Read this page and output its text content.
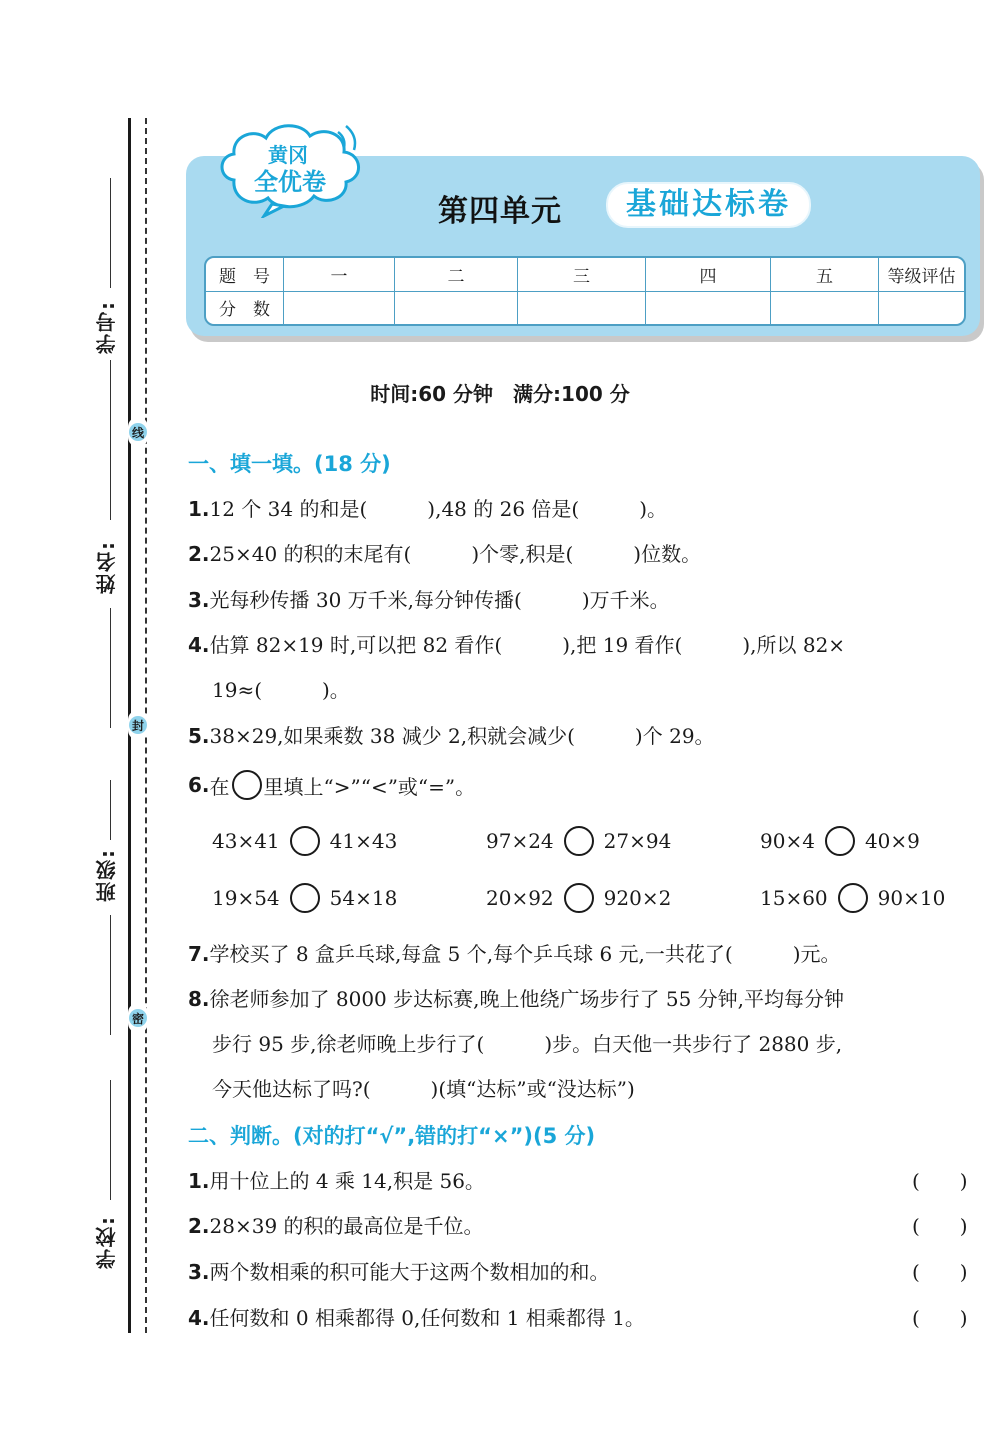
学号:
姓名:
班级:
学校:
线
封
密
第四单元	基础达标卷
题　号	一	二	三	四	五	等级评估
分　数						
黄冈
全优卷
时间:60 分钟　满分:100 分
一、填一填。(18 分)
1.12 个 34 的和是(　　　),48 的 26 倍是(　　　)。
2.25×40 的积的末尾有(　　　)个零,积是(　　　)位数。
3.光每秒传播 30 万千米,每分钟传播(　　　)万千米。
4.估算 82×19 时,可以把 82 看作(　　　),把 19 看作(　　　),所以 82×
19≈(　　　)。
5.38×29,如果乘数 38 减少 2,积就会减少(　　　)个 29。
6. 在 里填上“>”“<”或“=”。
43×41	41×43	97×24	27×94	90×4	40×9
19×54	54×18	20×92	920×2	15×60	90×10
7.学校买了 8 盒乒乓球,每盒 5 个,每个乒乓球 6 元,一共花了(　　　)元。
8.徐老师参加了 8000 步达标赛,晚上他绕广场步行了 55 分钟,平均每分钟
步行 95 步,徐老师晚上步行了(　　　)步。白天他一共步行了 2880 步,
今天他达标了吗?(　　　)(填“达标”或“没达标”)
二、判断。(对的打“√”,错的打“×”)(5 分)
1.用十位上的 4 乘 14,积是 56。	(　　)
2.28×39 的积的最高位是千位。	(　　)
3.两个数相乘的积可能大于这两个数相加的和。	(　　)
4.任何数和 0 相乘都得 0,任何数和 1 相乘都得 1。	(　　)
